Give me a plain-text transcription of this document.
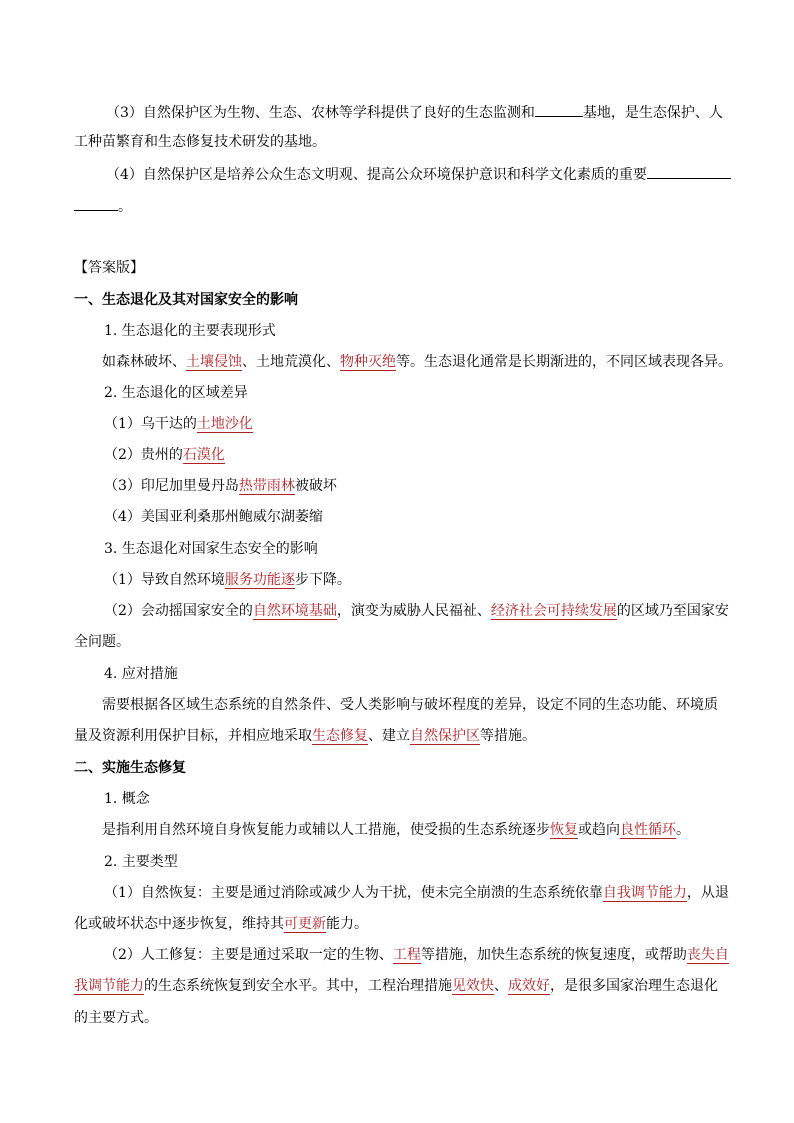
（3）自然保护区为生物、生态、农林等学科提供了良好的生态监测和	基地，是生态保护、人
工种苗繁育和生态修复技术研发的基地。
（4）自然保护区是培养公众生态文明观、提高公众环境保护意识和科学文化素质的重要
。
【答案版】
一、生态退化及其对国家安全的影响
1. 生态退化的主要表现形式
如森林破坏、土壤侵蚀、土地荒漠化、物种灭绝等。生态退化通常是长期渐进的，不同区域表现各异。
2. 生态退化的区域差异
（1）乌干达的土地沙化
（2）贵州的石漠化
（3）印尼加里曼丹岛热带雨林被破坏
（4）美国亚利桑那州鲍威尔湖萎缩
3. 生态退化对国家生态安全的影响
（1）导致自然环境服务功能逐步下降。
（2）会动摇国家安全的自然环境基础，演变为威胁人民福祉、经济社会可持续发展的区域乃至国家安
全问题。
4. 应对措施
需要根据各区域生态系统的自然条件、受人类影响与破坏程度的差异，设定不同的生态功能、环境质
量及资源利用保护目标，并相应地采取生态修复、建立自然保护区等措施。
二、实施生态修复
1. 概念
是指利用自然环境自身恢复能力或辅以人工措施，使受损的生态系统逐步恢复或趋向良性循环。
2. 主要类型
（1）自然恢复：主要是通过消除或减少人为干扰，使未完全崩溃的生态系统依靠自我调节能力，从退
化或破坏状态中逐步恢复，维持其可更新能力。
（2）人工修复：主要是通过采取一定的生物、工程等措施，加快生态系统的恢复速度，或帮助丧失自
我调节能力的生态系统恢复到安全水平。其中，工程治理措施见效快、成效好，是很多国家治理生态退化
的主要方式。
